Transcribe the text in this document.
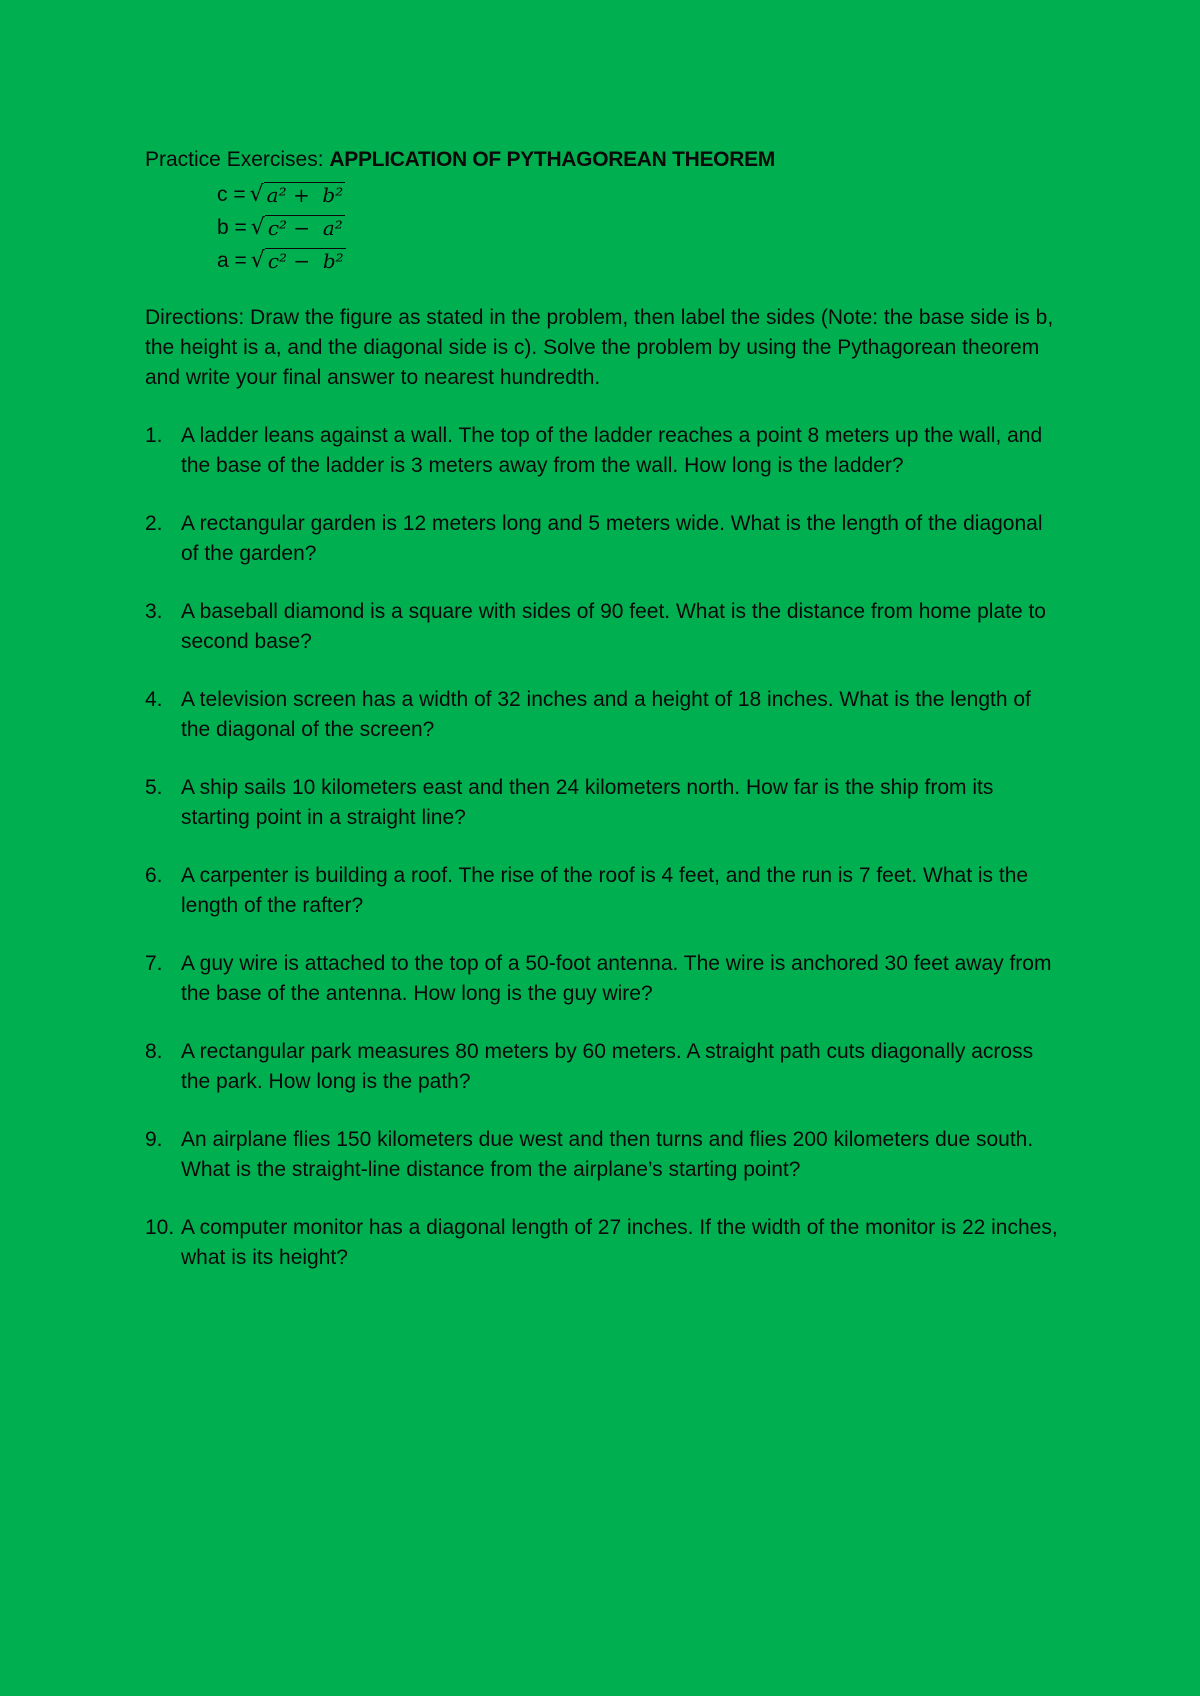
Practice Exercises: APPLICATION OF PYTHAGOREAN THEOREM

c = √ a² +  b²
b = √ c² −  a²
a = √ c² −  b²
Directions: Draw the figure as stated in the problem, then label the sides (Note: the base side is b, the height is a, and the diagonal side is c). Solve the problem by using the Pythagorean theorem and write your final answer to nearest hundredth.
1. A ladder leans against a wall. The top of the ladder reaches a point 8 meters up the wall, and the base of the ladder is 3 meters away from the wall. How long is the ladder?
2. A rectangular garden is 12 meters long and 5 meters wide. What is the length of the diagonal of the garden?
3. A baseball diamond is a square with sides of 90 feet. What is the distance from home plate to second base?
4. A television screen has a width of 32 inches and a height of 18 inches. What is the length of the diagonal of the screen?
5. A ship sails 10 kilometers east and then 24 kilometers north. How far is the ship from its starting point in a straight line?
6. A carpenter is building a roof. The rise of the roof is 4 feet, and the run is 7 feet. What is the length of the rafter?
7. A guy wire is attached to the top of a 50-foot antenna. The wire is anchored 30 feet away from the base of the antenna. How long is the guy wire?
8. A rectangular park measures 80 meters by 60 meters. A straight path cuts diagonally across the park. How long is the path?
9. An airplane flies 150 kilometers due west and then turns and flies 200 kilometers due south. What is the straight-line distance from the airplane’s starting point?
10. A computer monitor has a diagonal length of 27 inches. If the width of the monitor is 22 inches, what is its height?
